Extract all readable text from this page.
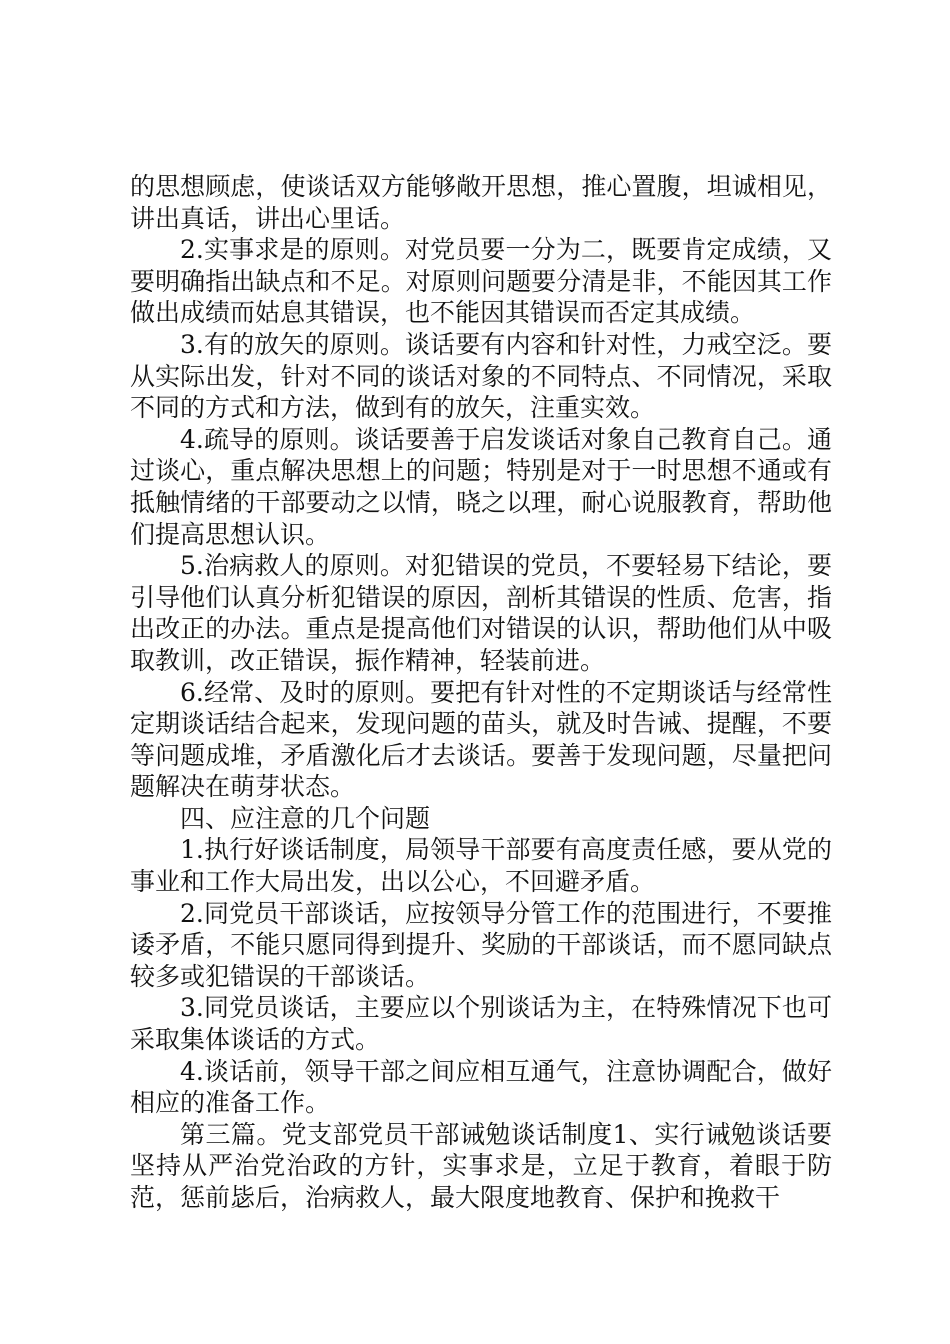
的思想顾虑，使谈话双方能够敞开思想，推心置腹，坦诚相见，讲出真话，讲出心里话。

2.实事求是的原则。对党员要一分为二，既要肯定成绩，又要明确指出缺点和不足。对原则问题要分清是非，不能因其工作做出成绩而姑息其错误，也不能因其错误而否定其成绩。

3.有的放矢的原则。谈话要有内容和针对性，力戒空泛。要从实际出发，针对不同的谈话对象的不同特点、不同情况，采取不同的方式和方法，做到有的放矢，注重实效。

4.疏导的原则。谈话要善于启发谈话对象自己教育自己。通过谈心，重点解决思想上的问题；特别是对于一时思想不通或有抵触情绪的干部要动之以情，晓之以理，耐心说服教育，帮助他们提高思想认识。

5.治病救人的原则。对犯错误的党员，不要轻易下结论，要引导他们认真分析犯错误的原因，剖析其错误的性质、危害，指出改正的办法。重点是提高他们对错误的认识，帮助他们从中吸取教训，改正错误，振作精神，轻装前进。

6.经常、及时的原则。要把有针对性的不定期谈话与经常性定期谈话结合起来，发现问题的苗头，就及时告诫、提醒，不要等问题成堆，矛盾激化后才去谈话。要善于发现问题，尽量把问题解决在萌芽状态。

四、应注意的几个问题

1.执行好谈话制度，局领导干部要有高度责任感，要从党的事业和工作大局出发，出以公心，不回避矛盾。

2.同党员干部谈话，应按领导分管工作的范围进行，不要推诿矛盾，不能只愿同得到提升、奖励的干部谈话，而不愿同缺点较多或犯错误的干部谈话。

3.同党员谈话，主要应以个别谈话为主，在特殊情况下也可采取集体谈话的方式。

4.谈话前，领导干部之间应相互通气，注意协调配合，做好相应的准备工作。

第三篇。党支部党员干部诫勉谈话制度1、实行诫勉谈话要坚持从严治党治政的方针，实事求是，立足于教育，着眼于防范，惩前毖后，治病救人，最大限度地教育、保护和挽救干
